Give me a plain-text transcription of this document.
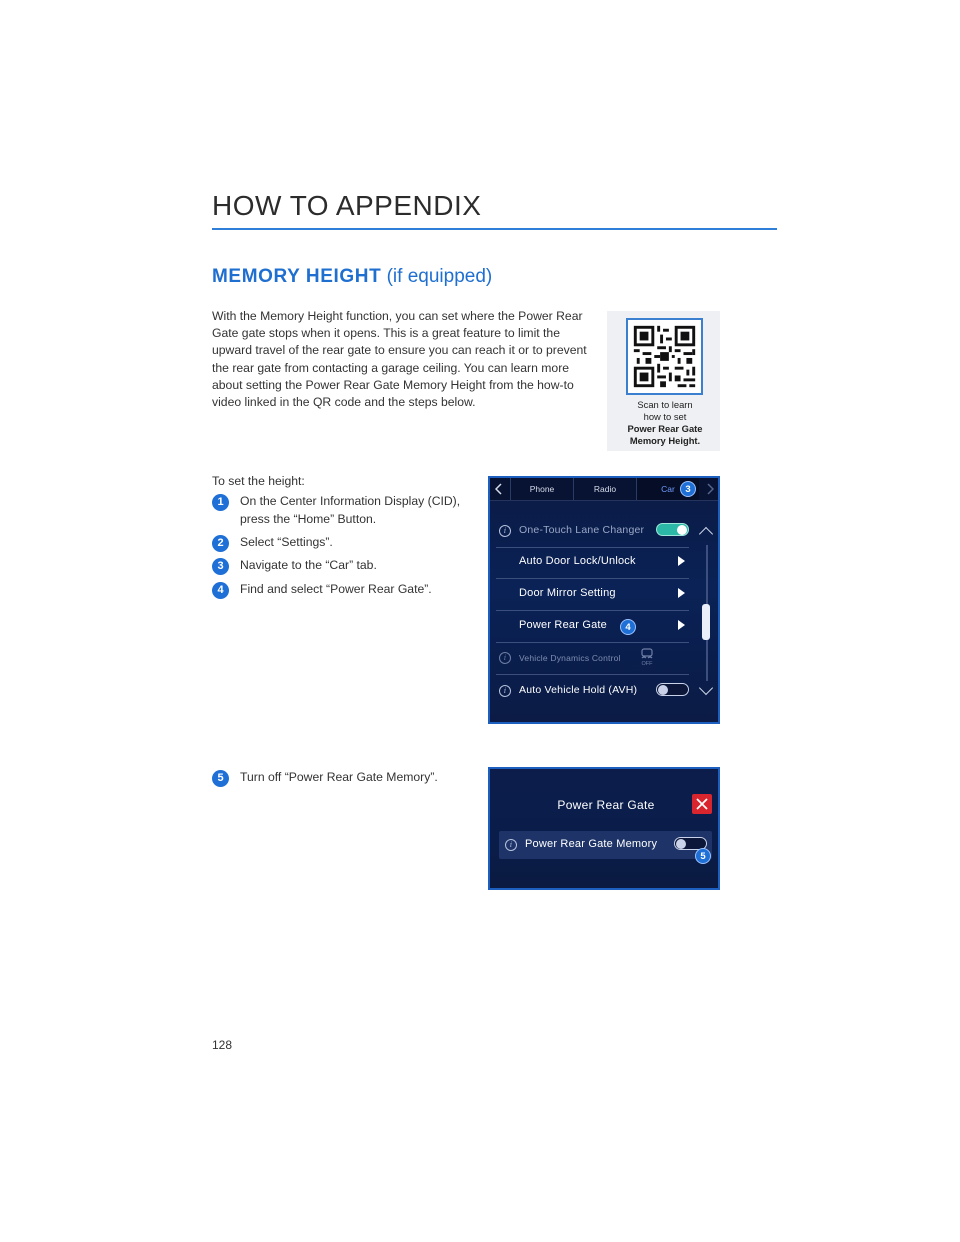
HOW TO APPENDIX
MEMORY HEIGHT (if equipped)
With the Memory Height function, you can set where the Power Rear Gate gate stops when it opens. This is a great feature to limit the upward travel of the rear gate to ensure you can reach it or to prevent the rear gate from contacting a garage ceiling. You can learn more about setting the Power Rear Gate Memory Height from the how-to video linked in the QR code and the steps below.	Scan to learn
how to set
Power Rear Gate
Memory Height.
To set the height:
1	On the Center Information Display (CID), press the “Home” Button.
2	Select “Settings”.
3	Navigate to the “Car” tab.
4	Find and select “Power Rear Gate”.
5	Turn off “Power Rear Gate Memory”.
Phone	Radio	Car	3
i	One-Touch Lane Changer
Auto Door Lock/Unlock
Door Mirror Setting
Power Rear Gate	4
i	Vehicle Dynamics Control
OFF
i	Auto Vehicle Hold (AVH)
Power Rear Gate
i	Power Rear Gate Memory
5
128
